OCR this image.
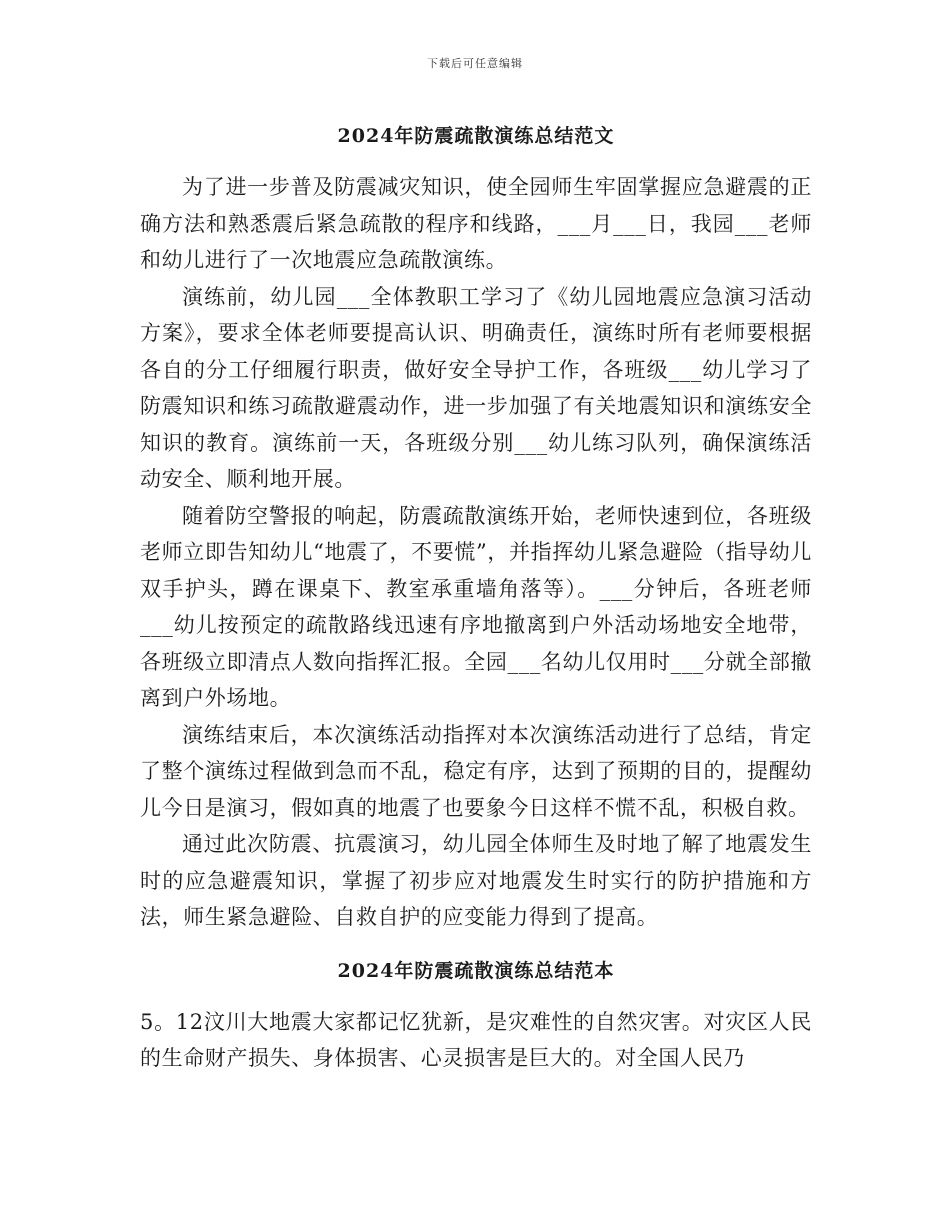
下载后可任意编辑
2024年防震疏散演练总结范文

为了进一步普及防震减灾知识，使全园师生牢固掌握应急避震的正确方法和熟悉震后紧急疏散的程序和线路，___月___日，我园___老师和幼儿进行了一次地震应急疏散演练。

演练前，幼儿园___全体教职工学习了《幼儿园地震应急演习活动方案》，要求全体老师要提高认识、明确责任，演练时所有老师要根据各自的分工仔细履行职责，做好安全导护工作，各班级___幼儿学习了防震知识和练习疏散避震动作，进一步加强了有关地震知识和演练安全知识的教育。演练前一天，各班级分别___幼儿练习队列，确保演练活动安全、顺利地开展。

随着防空警报的响起，防震疏散演练开始，老师快速到位，各班级老师立即告知幼儿“地震了，不要慌”，并指挥幼儿紧急避险（指导幼儿双手护头，蹲在课桌下、教室承重墙角落等）。___分钟后，各班老师___幼儿按预定的疏散路线迅速有序地撤离到户外活动场地安全地带，各班级立即清点人数向指挥汇报。全园___名幼儿仅用时___分就全部撤离到户外场地。

演练结束后，本次演练活动指挥对本次演练活动进行了总结，肯定了整个演练过程做到急而不乱，稳定有序，达到了预期的目的，提醒幼儿今日是演习，假如真的地震了也要象今日这样不慌不乱，积极自救。

通过此次防震、抗震演习，幼儿园全体师生及时地了解了地震发生时的应急避震知识，掌握了初步应对地震发生时实行的防护措施和方法，师生紧急避险、自救自护的应变能力得到了提高。

2024年防震疏散演练总结范本

5。12汶川大地震大家都记忆犹新，是灾难性的自然灾害。对灾区人民的生命财产损失、身体损害、心灵损害是巨大的。对全国人民乃
